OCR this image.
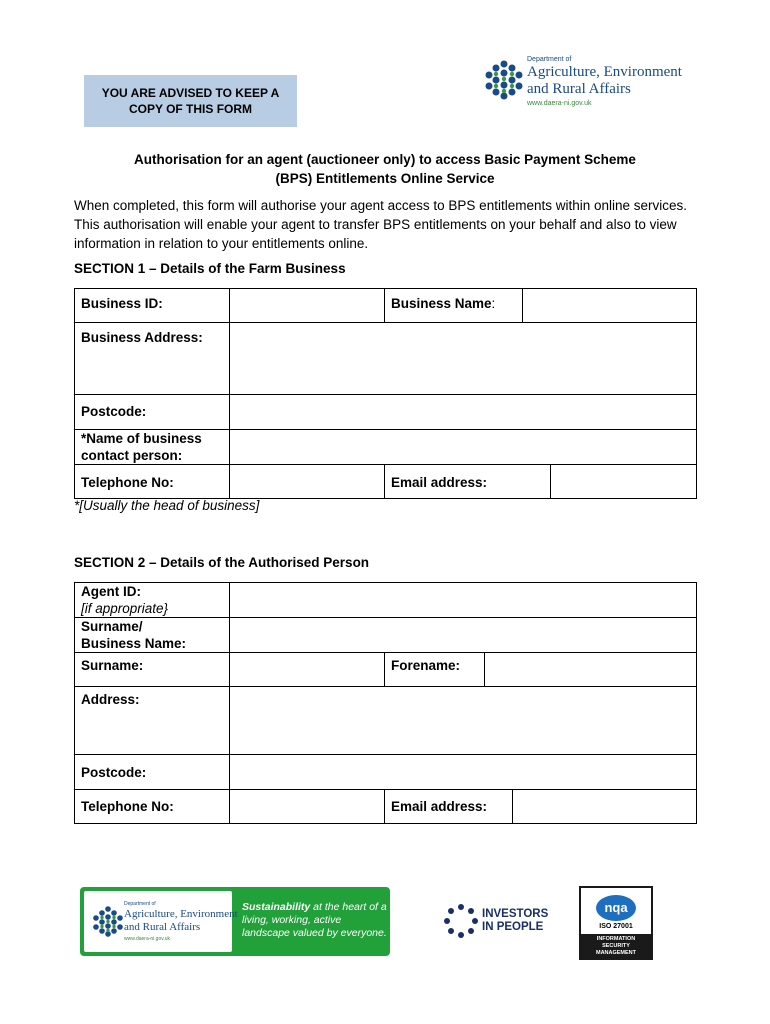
YOU ARE ADVISED TO KEEP A
COPY OF THIS FORM
Department of
Agriculture, Environment
and Rural Affairs
www.daera-ni.gov.uk
Authorisation for an agent (auctioneer only) to access Basic Payment Scheme
(BPS) Entitlements Online Service
When completed, this form will authorise your agent access to BPS entitlements within online services. This authorisation will enable your agent to transfer BPS entitlements on your behalf and also to view information in relation to your entitlements online.
SECTION 1 – Details of the Farm Business
Business ID:		Business Name:		
Business Address:				
Postcode:				

*Name of business
contact person:				

Telephone No:		Email address:		
*[Usually the head of business]
SECTION 2 – Details of the Authorised Person
Agent ID:
[if appropriate}				

Surname/
Business Name:				

Surname:		Forename:		
Address:				
Postcode:				
Telephone No:		Email address:		
Department of
Agriculture, Environment
and Rural Affairs
www.daera-ni.gov.uk
Sustainability at the heart of a living, working, active landscape valued by everyone.
INVESTORS
IN PEOPLE
nqa
ISO 27001
INFORMATION
SECURITY
MANAGEMENT
